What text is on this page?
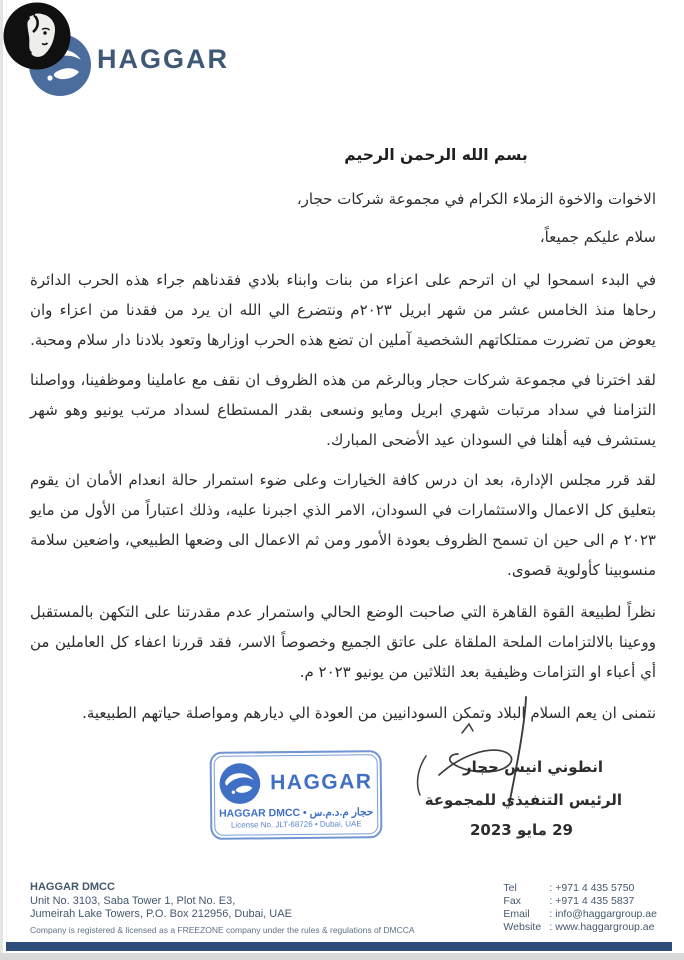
HAGGAR

بسم الله الرحمن الرحيم

الاخوات والاخوة الزملاء الكرام في مجموعة شركات حجار،

سلام عليكم جميعاً،

في البدء اسمحوا لي ان اترحم على اعزاء من بنات وابناء بلادي فقدناهم جراء هذه الحرب الدائرة رحاها منذ الخامس عشر من شهر ابريل ٢٠٢٣م ونتضرع الي الله ان يرد من فقدنا من اعزاء وان يعوض من تضررت ممتلكاتهم الشخصية آملين ان تضع هذه الحرب اوزارها وتعود بلادنا دار سلام ومحبة.

لقد اخترنا في مجموعة شركات حجار وبالرغم من هذه الظروف ان نقف مع عاملينا وموظفينا، وواصلنا التزامنا في سداد مرتبات شهري ابريل ومايو ونسعى بقدر المستطاع لسداد مرتب يونيو وهو شهر يستشرف فيه أهلنا في السودان عيد الأضحى المبارك.

لقد قرر مجلس الإدارة، بعد ان درس كافة الخيارات وعلى ضوء استمرار حالة انعدام الأمان ان يقوم بتعليق كل الاعمال والاستثمارات في السودان، الامر الذي اجبرنا عليه، وذلك اعتباراً من الأول من مايو ٢٠٢٣ م الى حين ان تسمح الظروف بعودة الأمور ومن ثم الاعمال الى وضعها الطبيعي، واضعين سلامة منسوبينا كأولوية قصوى.

نظراً لطبيعة القوة القاهرة التي صاحبت الوضع الحالي واستمرار عدم مقدرتنا على التكهن بالمستقبل ووعينا بالالتزامات الملحة الملقاة على عاتق الجميع وخصوصاً الاسر، فقد قررنا اعفاء كل العاملين من أي أعباء او التزامات وظيفية بعد الثلاثين من يونيو ٢٠٢٣ م.

نتمنى ان يعم السلام البلاد وتمكن السودانيين من العودة الي ديارهم ومواصلة حياتهم الطبيعية.

انطوني انيس حجار
الرئيس التنفيذي للمجموعة
29 مايو 2023
HAGGAR
HAGGAR DMCC • حجار م.د.م.س
License No. JLT-68726 • Dubai, UAE
HAGGAR DMCC
Unit No. 3103, Saba Tower 1, Plot No. E3,
Jumeirah Lake Towers, P.O. Box 212956, Dubai, UAE
Company is registered & licensed as a FREEZONE company under the rules & regulations of DMCCA
Tel	: +971 4 435 5750
Fax	: +971 4 435 5837
Email	: info@haggargroup.ae
Website : www.haggargroup.ae
